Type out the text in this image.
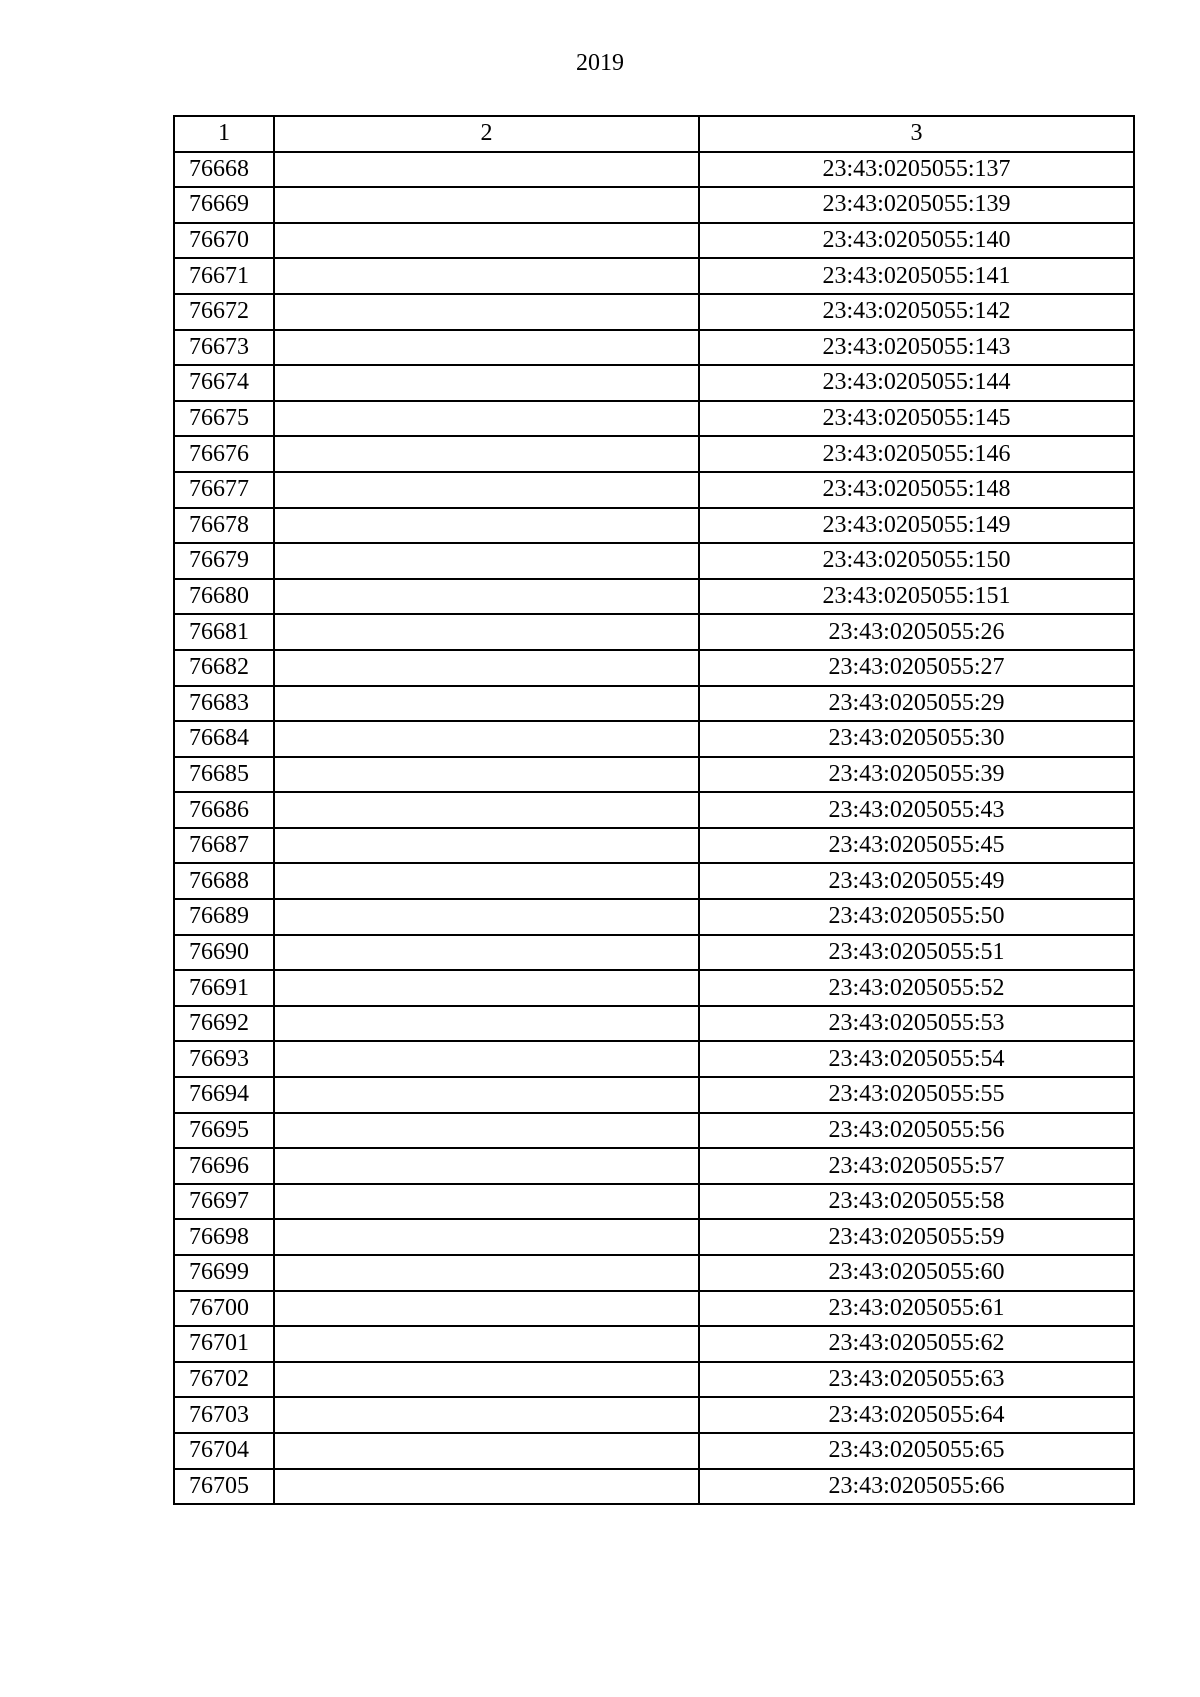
2019
1	2	3
76668		23:43:0205055:137
76669		23:43:0205055:139
76670		23:43:0205055:140
76671		23:43:0205055:141
76672		23:43:0205055:142
76673		23:43:0205055:143
76674		23:43:0205055:144
76675		23:43:0205055:145
76676		23:43:0205055:146
76677		23:43:0205055:148
76678		23:43:0205055:149
76679		23:43:0205055:150
76680		23:43:0205055:151
76681		23:43:0205055:26
76682		23:43:0205055:27
76683		23:43:0205055:29
76684		23:43:0205055:30
76685		23:43:0205055:39
76686		23:43:0205055:43
76687		23:43:0205055:45
76688		23:43:0205055:49
76689		23:43:0205055:50
76690		23:43:0205055:51
76691		23:43:0205055:52
76692		23:43:0205055:53
76693		23:43:0205055:54
76694		23:43:0205055:55
76695		23:43:0205055:56
76696		23:43:0205055:57
76697		23:43:0205055:58
76698		23:43:0205055:59
76699		23:43:0205055:60
76700		23:43:0205055:61
76701		23:43:0205055:62
76702		23:43:0205055:63
76703		23:43:0205055:64
76704		23:43:0205055:65
76705		23:43:0205055:66
